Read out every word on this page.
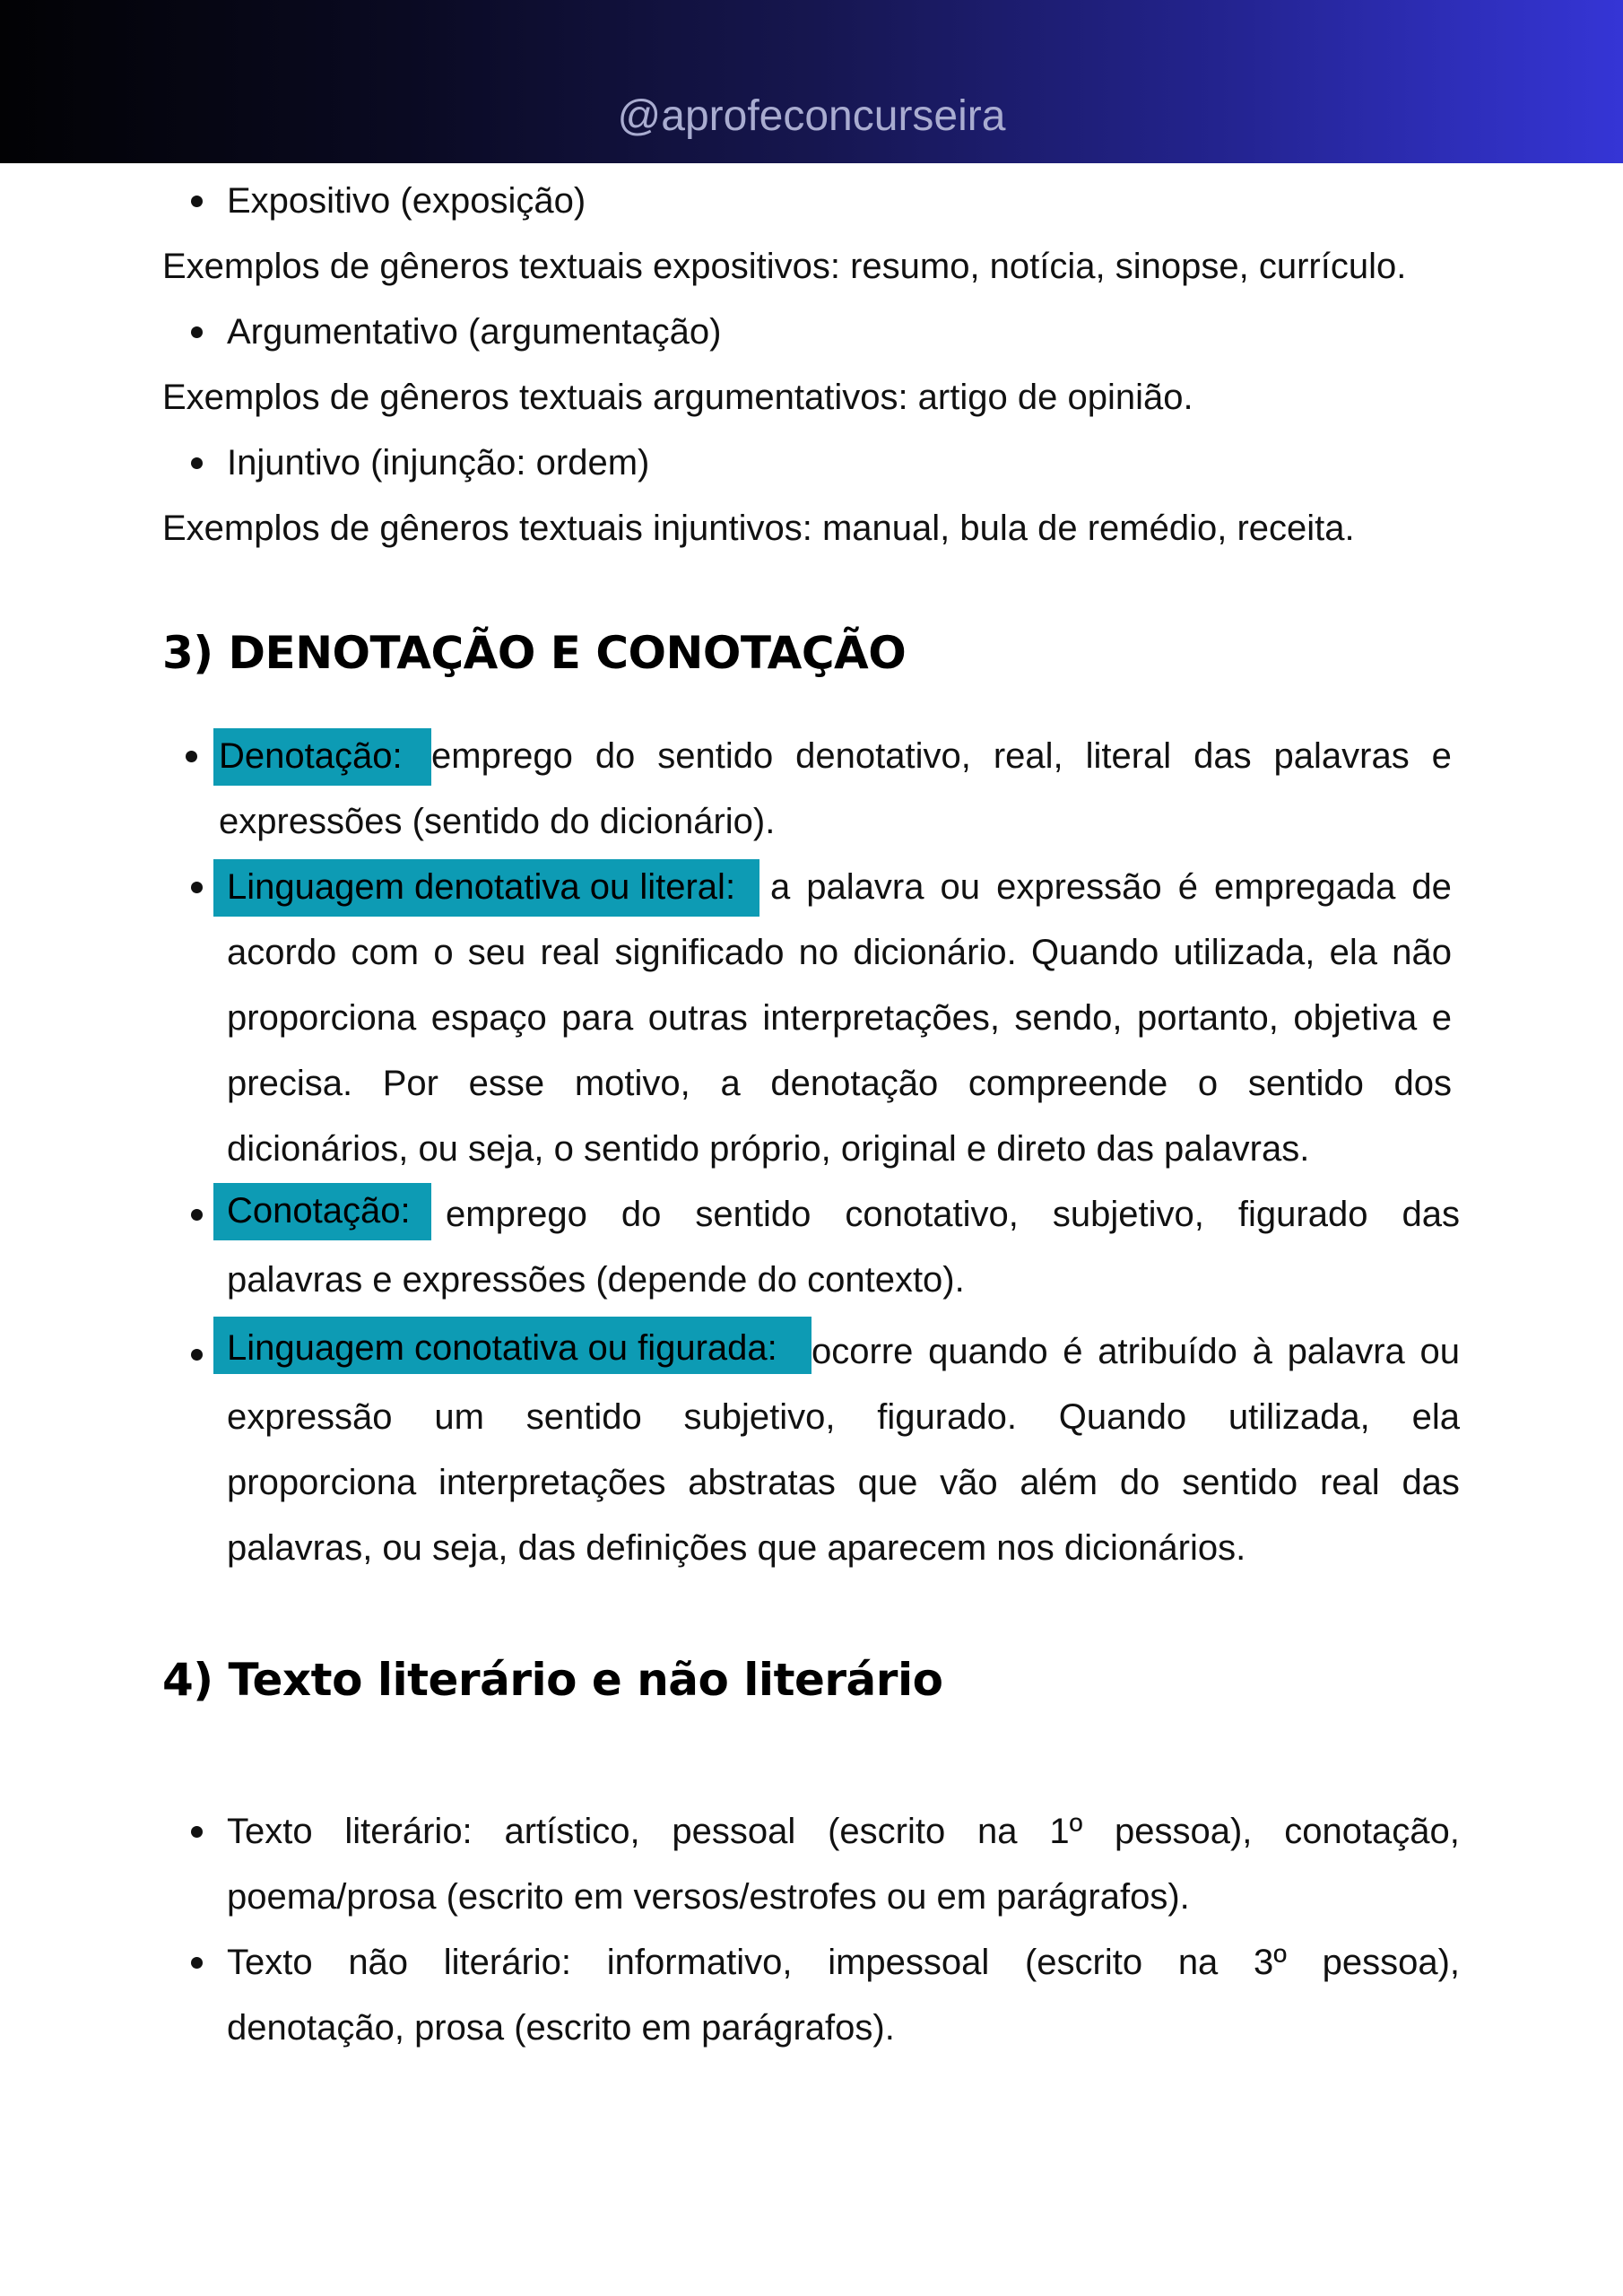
@aprofeconcurseira
Expositivo (exposição)
Exemplos de gêneros textuais expositivos: resumo, notícia, sinopse, currículo.
Argumentativo (argumentação)
Exemplos de gêneros textuais argumentativos: artigo de opinião.
Injuntivo (injunção: ordem)
Exemplos de gêneros textuais injuntivos: manual, bula de remédio, receita.
3) DENOTAÇÃO E CONOTAÇÃO
Denotação: emprego do sentido denotativo, real, literal das palavras e
expressões (sentido do dicionário).
Linguagem denotativa ou literal: a palavra ou expressão é empregada de
acordo com o seu real significado no dicionário. Quando utilizada, ela não
proporciona espaço para outras interpretações, sendo, portanto, objetiva e
precisa. Por esse motivo, a denotação compreende o sentido dos
dicionários, ou seja, o sentido próprio, original e direto das palavras.
Conotação: emprego do sentido conotativo, subjetivo, figurado das
palavras e expressões (depende do contexto).
Linguagem conotativa ou figurada: ocorre quando é atribuído à palavra ou
expressão um sentido subjetivo, figurado. Quando utilizada, ela
proporciona interpretações abstratas que vão além do sentido real das
palavras, ou seja, das definições que aparecem nos dicionários.
4) Texto literário e não literário
Texto literário: artístico, pessoal (escrito na 1º pessoa), conotação,
poema/prosa (escrito em versos/estrofes ou em parágrafos).
Texto não literário: informativo, impessoal (escrito na 3º pessoa),
denotação, prosa (escrito em parágrafos).
